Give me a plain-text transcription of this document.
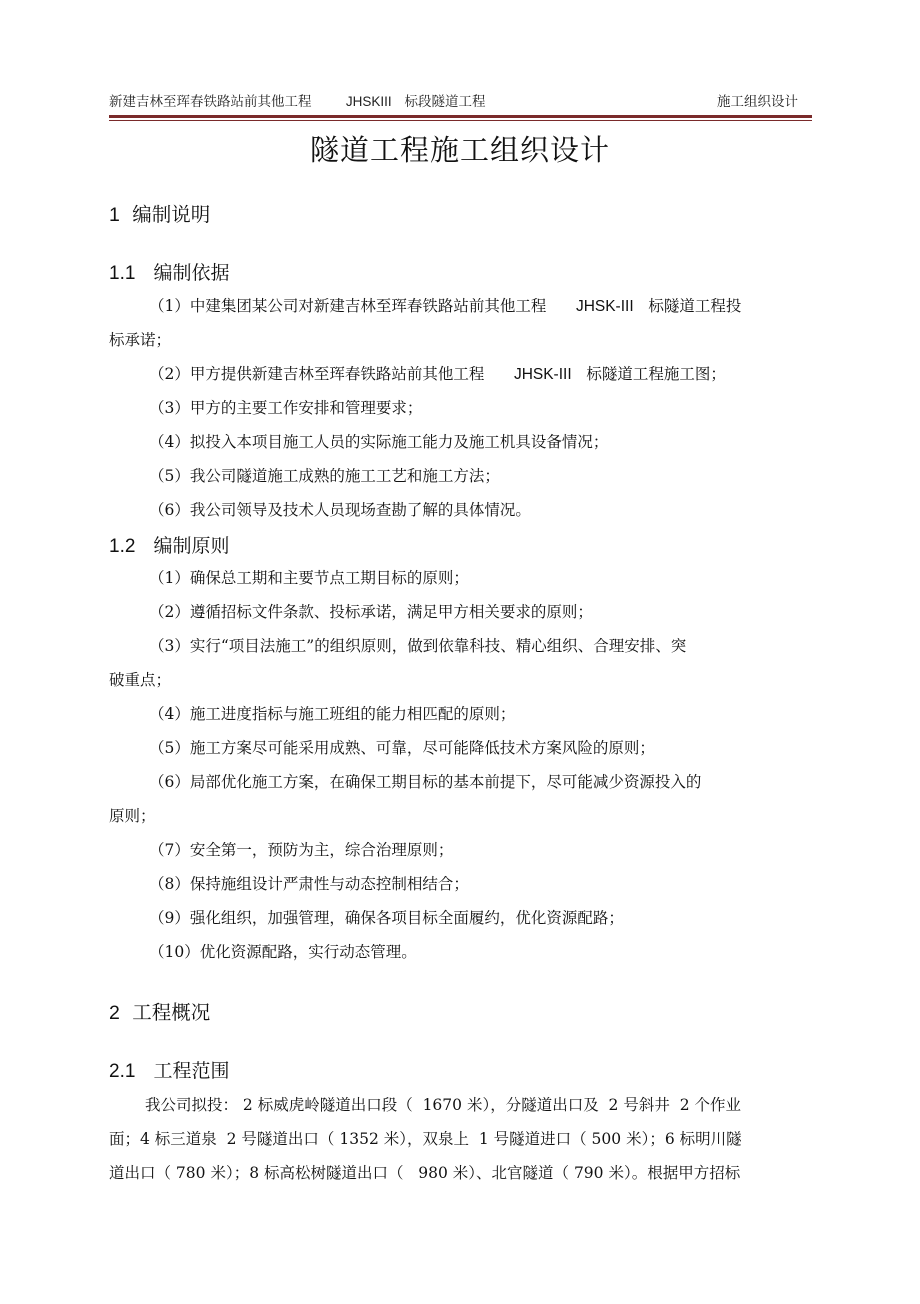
新建吉林至珲春铁路站前其他工程	JHSKIII 标段隧道工程	施工组织设计
隧道工程施工组织设计
1 编制说明
1.1 编制依据
（1）中建集团某公司对新建吉林至珲春铁路站前其他工程 JHSK-III 标隧道工程投
标承诺；
（2）甲方提供新建吉林至珲春铁路站前其他工程 JHSK-III 标隧道工程施工图；
（3）甲方的主要工作安排和管理要求；
（4）拟投入本项目施工人员的实际施工能力及施工机具设备情况；
（5）我公司隧道施工成熟的施工工艺和施工方法；
（6）我公司领导及技术人员现场查勘了解的具体情况。
1.2 编制原则
（1）确保总工期和主要节点工期目标的原则；
（2）遵循招标文件条款、投标承诺，满足甲方相关要求的原则；
（3）实行“项目法施工”的组织原则，做到依靠科技、精心组织、合理安排、突
破重点；
（4）施工进度指标与施工班组的能力相匹配的原则；
（5）施工方案尽可能采用成熟、可靠，尽可能降低技术方案风险的原则；
（6）局部优化施工方案，在确保工期目标的基本前提下，尽可能减少资源投入的
原则；
（7）安全第一，预防为主，综合治理原则；
（8）保持施组设计严肃性与动态控制相结合；
（9）强化组织，加强管理，确保各项目标全面履约，优化资源配路；
（10）优化资源配路，实行动态管理。
2 工程概况
2.1 工程范围
我公司拟投： 2 标威虎岭隧道出口段（  1670 米），分隧道出口及  2 号斜井  2 个作业
面；4 标三道泉  2 号隧道出口（ 1352 米），双泉上  1 号隧道进口（ 500 米）；6 标明川隧
道出口（ 780 米）；8 标高松树隧道出口（   980 米）、北官隧道（ 790 米）。根据甲方招标
